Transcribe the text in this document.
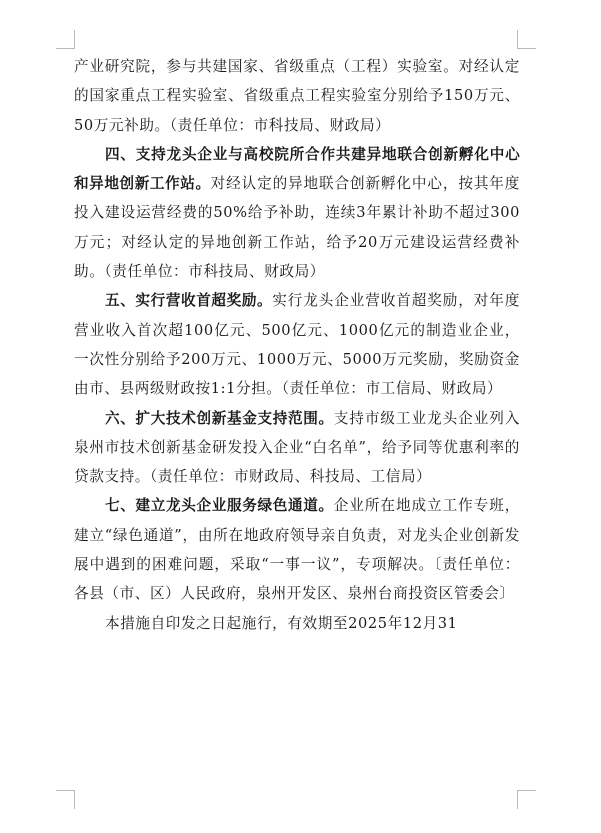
产业研究院，参与共建国家、省级重点（工程）实验室。对经认定的国家重点工程实验室、省级重点工程实验室分别给予150万元、50万元补助。（责任单位：市科技局、财政局）

四、支持龙头企业与高校院所合作共建异地联合创新孵化中心和异地创新工作站。对经认定的异地联合创新孵化中心，按其年度投入建设运营经费的50%给予补助，连续3年累计补助不超过300万元；对经认定的异地创新工作站，给予20万元建设运营经费补助。（责任单位：市科技局、财政局）

五、实行营收首超奖励。实行龙头企业营收首超奖励，对年度营业收入首次超100亿元、500亿元、1000亿元的制造业企业，一次性分别给予200万元、1000万元、5000万元奖励，奖励资金由市、县两级财政按1:1分担。（责任单位：市工信局、财政局）

六、扩大技术创新基金支持范围。支持市级工业龙头企业列入泉州市技术创新基金研发投入企业“白名单”，给予同等优惠利率的贷款支持。（责任单位：市财政局、科技局、工信局）

七、建立龙头企业服务绿色通道。企业所在地成立工作专班，建立“绿色通道”，由所在地政府领导亲自负责，对龙头企业创新发展中遇到的困难问题，采取“一事一议”，专项解决。〔责任单位：各县（市、区）人民政府，泉州开发区、泉州台商投资区管委会〕

本措施自印发之日起施行，有效期至2025年12月31
